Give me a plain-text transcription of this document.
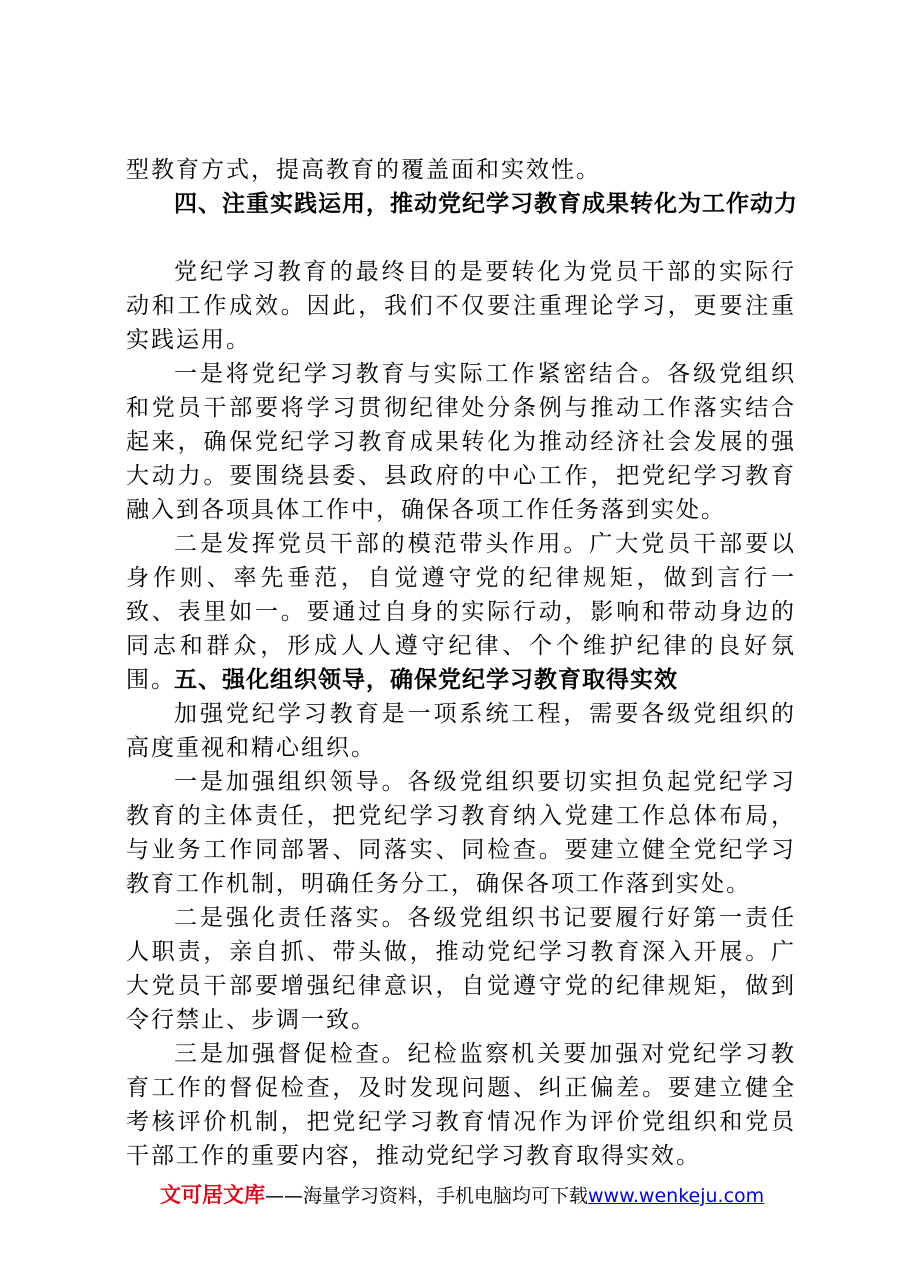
型教育方式，提高教育的覆盖面和实效性。

四、注重实践运用，推动党纪学习教育成果转化为工作动力

党纪学习教育的最终目的是要转化为党员干部的实际行动和工作成效。因此，我们不仅要注重理论学习，更要注重实践运用。

一是将党纪学习教育与实际工作紧密结合。各级党组织和党员干部要将学习贯彻纪律处分条例与推动工作落实结合起来，确保党纪学习教育成果转化为推动经济社会发展的强大动力。要围绕县委、县政府的中心工作，把党纪学习教育融入到各项具体工作中，确保各项工作任务落到实处。

二是发挥党员干部的模范带头作用。广大党员干部要以身作则、率先垂范，自觉遵守党的纪律规矩，做到言行一致、表里如一。要通过自身的实际行动，影响和带动身边的同志和群众，形成人人遵守纪律、个个维护纪律的良好氛围。

五、强化组织领导，确保党纪学习教育取得实效

加强党纪学习教育是一项系统工程，需要各级党组织的高度重视和精心组织。

一是加强组织领导。各级党组织要切实担负起党纪学习教育的主体责任，把党纪学习教育纳入党建工作总体布局，与业务工作同部署、同落实、同检查。要建立健全党纪学习教育工作机制，明确任务分工，确保各项工作落到实处。

二是强化责任落实。各级党组织书记要履行好第一责任人职责，亲自抓、带头做，推动党纪学习教育深入开展。广大党员干部要增强纪律意识，自觉遵守党的纪律规矩，做到令行禁止、步调一致。

三是加强督促检查。纪检监察机关要加强对党纪学习教育工作的督促检查，及时发现问题、纠正偏差。要建立健全考核评价机制，把党纪学习教育情况作为评价党组织和党员干部工作的重要内容，推动党纪学习教育取得实效。

文可居文库——海量学习资料，手机电脑均可下载www.wenkeju.com
